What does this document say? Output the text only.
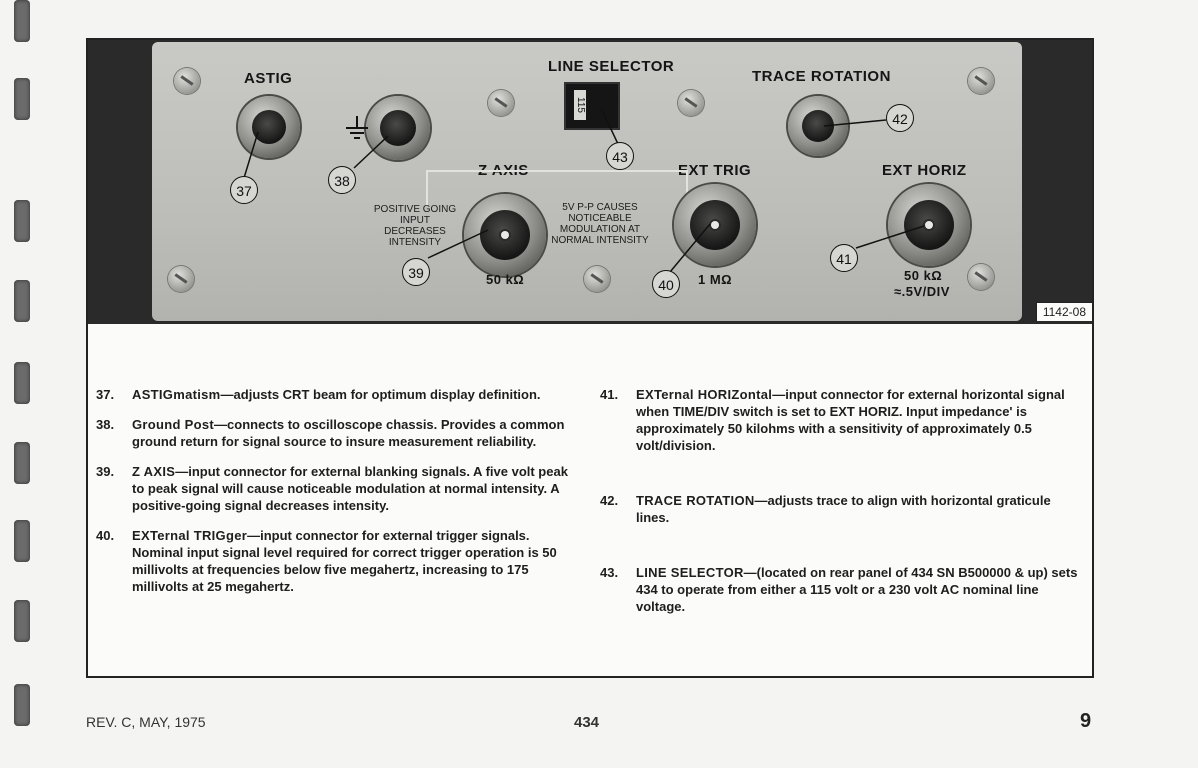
ASTIG
LINE SELECTOR
TRACE ROTATION
Z AXIS	EXT TRIG	EXT HORIZ
POSITIVE GOING
INPUT DECREASES
INTENSITY
5V P-P CAUSES
NOTICEABLE
MODULATION AT
NORMAL INTENSITY
115
50 kΩ	1 MΩ	50 kΩ
≈.5V/DIV
37
38
39
40
41
42
43
1142-08
37. ASTIGmatism—adjusts CRT beam for optimum display definition.
38. Ground Post—connects to oscilloscope chassis. Provides a common ground return for signal source to insure measurement reliability.
39. Z AXIS—input connector for external blanking signals. A five volt peak to peak signal will cause noticeable modulation at normal intensity. A positive-going signal decreases intensity.
40. EXTernal TRIGger—input connector for external trigger signals. Nominal input signal level required for correct trigger operation is 50 millivolts at frequencies below five megahertz, increasing to 175 millivolts at 25 megahertz.
41. EXTernal HORIZontal—input connector for external horizontal signal when TIME/DIV switch is set to EXT HORIZ. Input impedance' is approximately 50 kilohms with a sensitivity of approximately 0.5 volt/division.
42. TRACE ROTATION—adjusts trace to align with horizontal graticule lines.
43. LINE SELECTOR—(located on rear panel of 434 SN B500000 & up) sets 434 to operate from either a 115 volt or a 230 volt AC nominal line voltage.
REV. C, MAY, 1975	434	9
